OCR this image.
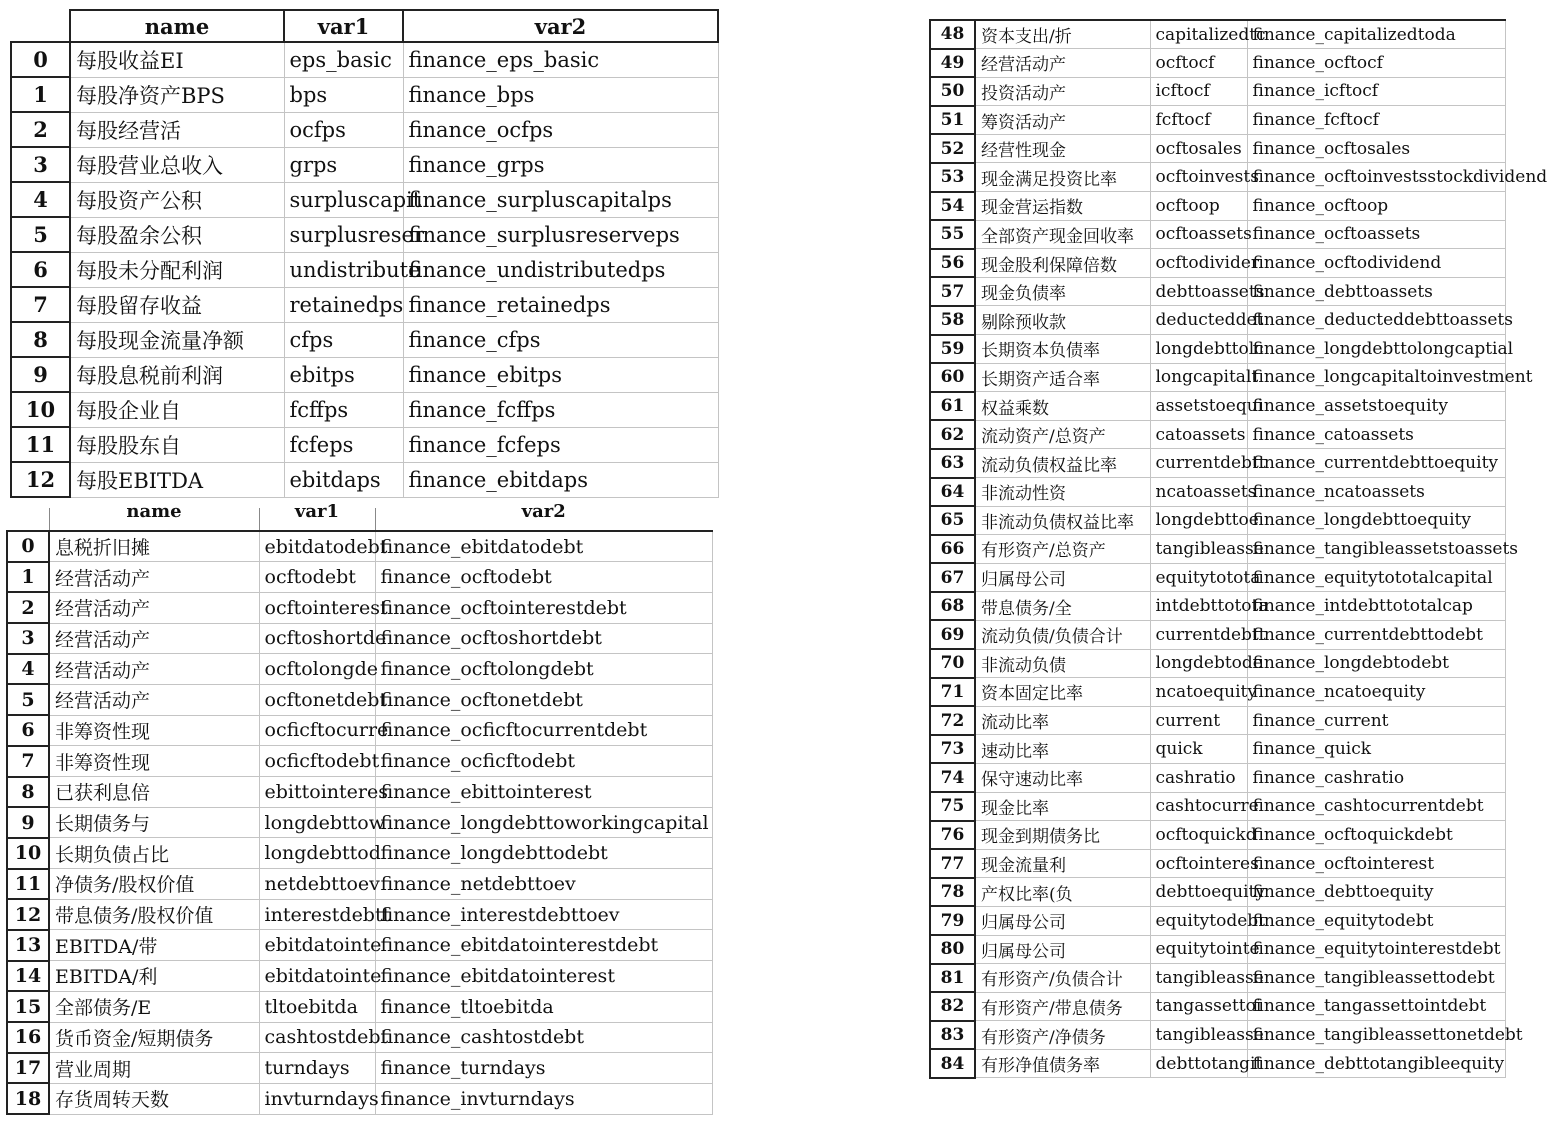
	name	var1	var2
0	每股收益EI	eps_basic	finance_eps_basic
1	每股净资产BPS	bps	finance_bps
2	每股经营活	ocfps	finance_ocfps
3	每股营业总收入	grps	finance_grps
4	每股资产公积	surpluscapit	finance_surpluscapitalps
5	每股盈余公积	surplusreser	finance_surplusreserveps
6	每股未分配利润	undistribute	finance_undistributedps
7	每股留存收益	retainedps	finance_retainedps
8	每股现金流量净额	cfps	finance_cfps
9	每股息税前利润	ebitps	finance_ebitps
10	每股企业自	fcffps	finance_fcffps
11	每股股东自	fcfeps	finance_fcfeps
12	每股EBITDA	ebitdaps	finance_ebitdaps
	name	var1	var2
0	息税折旧摊	ebitdatodebt	finance_ebitdatodebt
1	经营活动产	ocftodebt	finance_ocftodebt
2	经营活动产	ocftointerest	finance_ocftointerestdebt
3	经营活动产	ocftoshortde	finance_ocftoshortdebt
4	经营活动产	ocftolongde	finance_ocftolongdebt
5	经营活动产	ocftonetdebt	finance_ocftonetdebt
6	非筹资性现	ocficftocurre	finance_ocficftocurrentdebt
7	非筹资性现	ocficftodebt	finance_ocficftodebt
8	已获利息倍	ebittointeres	finance_ebittointerest
9	长期债务与	longdebttow	finance_longdebttoworkingcapital
10	长期负债占比	longdebttod	finance_longdebttodebt
11	净债务/股权价值	netdebttoev	finance_netdebttoev
12	带息债务/股权价值	interestdebtt	finance_interestdebttoev
13	EBITDA/带	ebitdatointe	finance_ebitdatointerestdebt
14	EBITDA/利	ebitdatointe	finance_ebitdatointerest
15	全部债务/E	tltoebitda	finance_tltoebitda
16	货币资金/短期债务	cashtostdebt	finance_cashtostdebt
17	营业周期	turndays	finance_turndays
18	存货周转天数	invturndays	finance_invturndays

48	资本支出/折	capitalizedtc	finance_capitalizedtoda
49	经营活动产	ocftocf	finance_ocftocf
50	投资活动产	icftocf	finance_icftocf
51	筹资活动产	fcftocf	finance_fcftocf
52	经营性现金	ocftosales	finance_ocftosales
53	现金满足投资比率	ocftoinvests	finance_ocftoinvestsstockdividend
54	现金营运指数	ocftoop	finance_ocftoop
55	全部资产现金回收率	ocftoassets	finance_ocftoassets
56	现金股利保障倍数	ocftodivider	finance_ocftodividend
57	现金负债率	debttoassets	finance_debttoassets
58	剔除预收款	deducteddet	finance_deducteddebttoassets
59	长期资本负债率	longdebttolc	finance_longdebttolongcaptial
60	长期资产适合率	longcapitalt	finance_longcapitaltoinvestment
61	权益乘数	assetstoequi	finance_assetstoequity
62	流动资产/总资产	catoassets	finance_catoassets
63	流动负债权益比率	currentdebtt	finance_currentdebttoequity
64	非流动性资	ncatoassets	finance_ncatoassets
65	非流动负债权益比率	longdebttoe	finance_longdebttoequity
66	有形资产/总资产	tangibleasse	finance_tangibleassetstoassets
67	归属母公司	equitytotota	finance_equitytototalcapital
68	带息债务/全	intdebttotota	finance_intdebttototalcap
69	流动负债/负债合计	currentdebtt	finance_currentdebttodebt
70	非流动负债	longdebtode	finance_longdebtodebt
71	资本固定比率	ncatoequity	finance_ncatoequity
72	流动比率	current	finance_current
73	速动比率	quick	finance_quick
74	保守速动比率	cashratio	finance_cashratio
75	现金比率	cashtocurre	finance_cashtocurrentdebt
76	现金到期债务比	ocftoquickd	finance_ocftoquickdebt
77	现金流量利	ocftointeres	finance_ocftointerest
78	产权比率(负	debttoequity	finance_debttoequity
79	归属母公司	equitytodebt	finance_equitytodebt
80	归属母公司	equitytointe	finance_equitytointerestdebt
81	有形资产/负债合计	tangibleasse	finance_tangibleassettodebt
82	有形资产/带息债务	tangassettoi	finance_tangassettointdebt
83	有形资产/净债务	tangibleasse	finance_tangibleassettonetdebt
84	有形净值债务率	debttotangit	finance_debttotangibleequity
